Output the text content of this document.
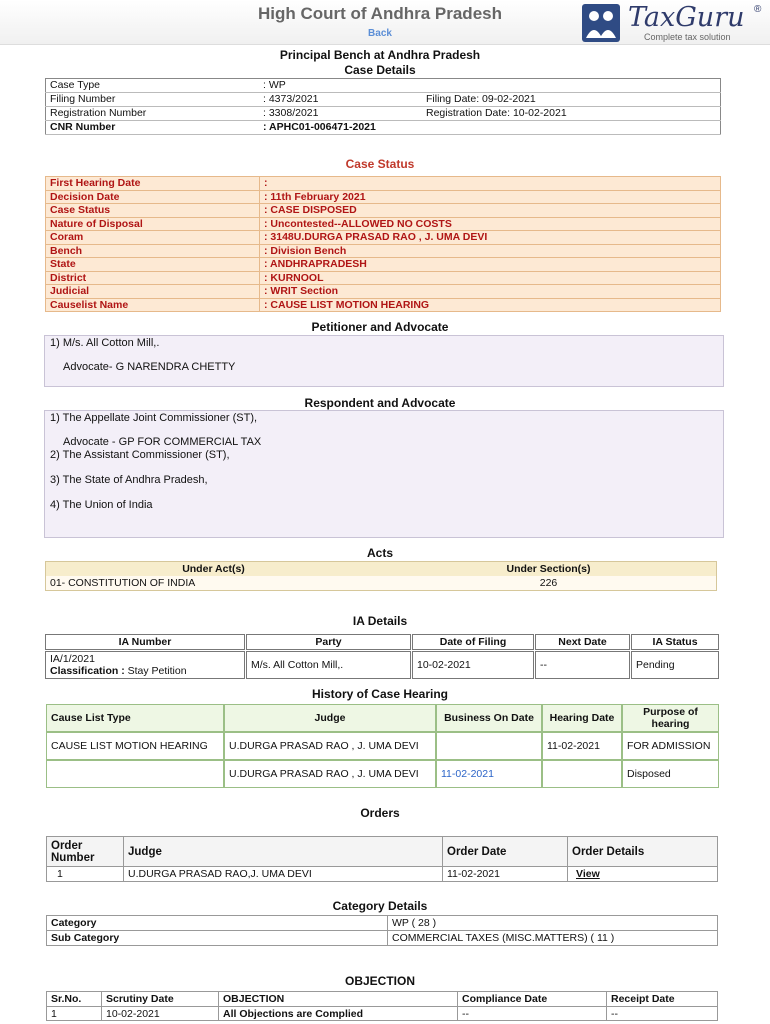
High Court of Andhra Pradesh
Back
TaxGuru ®
Complete tax solution
Principal Bench at Andhra Pradesh
Case Details
Case Type	: WP	
Filing Number	: 4373/2021	Filing Date: 09-02-2021
Registration Number	: 3308/2021	Registration Date: 10-02-2021
CNR Number	: APHC01-006471-2021	
Case Status
First Hearing Date	:
Decision Date	: 11th February 2021
Case Status	: CASE DISPOSED
Nature of Disposal	: Uncontested--ALLOWED NO COSTS
Coram	: 3148U.DURGA PRASAD RAO , J. UMA DEVI
Bench	: Division Bench
State	: ANDHRAPRADESH
District	: KURNOOL
Judicial	: WRIT Section
Causelist Name	: CAUSE LIST MOTION HEARING
Petitioner and Advocate

1) M/s. All Cotton Mill,.

Advocate- G NARENDRA CHETTY

Respondent and Advocate

1) The Appellate Joint Commissioner (ST),

Advocate - GP FOR COMMERCIAL TAX

2) The Assistant Commissioner (ST),

3) The State of Andhra Pradesh,

4) The Union of India

Acts
Under Act(s)	Under Section(s)
01- CONSTITUTION OF INDIA	226
IA Details
IA Number	Party	Date of Filing	Next Date	IA Status

IA/1/2021
Classification : Stay Petition	M/s. All Cotton Mill,.	10-02-2021	--	Pending
History of Case Hearing
Cause List Type	Judge	Business On Date	Hearing Date	Purpose of hearing
CAUSE LIST MOTION HEARING	U.DURGA PRASAD RAO , J. UMA DEVI		11-02-2021	FOR ADMISSION
	U.DURGA PRASAD RAO , J. UMA DEVI	11-02-2021		Disposed
Orders
Order Number	Judge	Order Date	Order Details
1	U.DURGA PRASAD RAO,J. UMA DEVI	11-02-2021	View
Category Details
Category	WP ( 28 )
Sub Category	COMMERCIAL TAXES (MISC.MATTERS) ( 11 )
OBJECTION
Sr.No.	Scrutiny Date	OBJECTION	Compliance Date	Receipt Date
1	10-02-2021	All Objections are Complied	--	--
